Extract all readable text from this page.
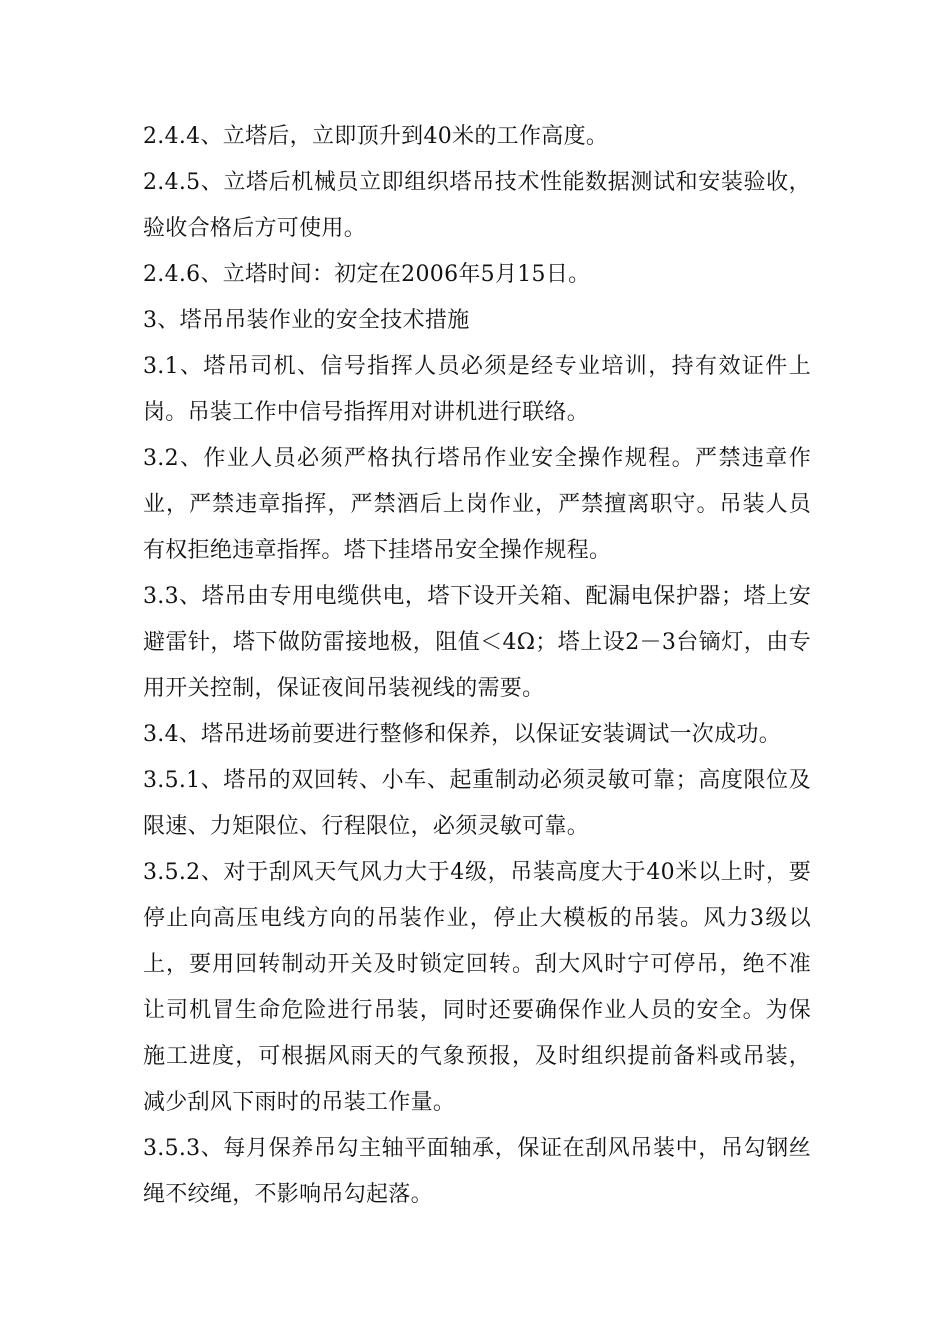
2.4.4、立塔后，立即顶升到40米的工作高度。

2.4.5、立塔后机械员立即组织塔吊技术性能数据测试和安装验收，验收合格后方可使用。

2.4.6、立塔时间：初定在2006年5月15日。

3、塔吊吊装作业的安全技术措施

3.1、塔吊司机、信号指挥人员必须是经专业培训，持有效证件上岗。吊装工作中信号指挥用对讲机进行联络。

3.2、作业人员必须严格执行塔吊作业安全操作规程。严禁违章作业，严禁违章指挥，严禁酒后上岗作业，严禁擅离职守。吊装人员有权拒绝违章指挥。塔下挂塔吊安全操作规程。

3.3、塔吊由专用电缆供电，塔下设开关箱、配漏电保护器；塔上安避雷针，塔下做防雷接地极，阻值＜4Ω；塔上设2－3台镝灯，由专用开关控制，保证夜间吊装视线的需要。

3.4、塔吊进场前要进行整修和保养，以保证安装调试一次成功。

3.5.1、塔吊的双回转、小车、起重制动必须灵敏可靠；高度限位及限速、力矩限位、行程限位，必须灵敏可靠。

3.5.2、对于刮风天气风力大于4级，吊装高度大于40米以上时，要停止向高压电线方向的吊装作业，停止大模板的吊装。风力3级以上，要用回转制动开关及时锁定回转。刮大风时宁可停吊，绝不准让司机冒生命危险进行吊装，同时还要确保作业人员的安全。为保施工进度，可根据风雨天的气象预报，及时组织提前备料或吊装，减少刮风下雨时的吊装工作量。

3.5.3、每月保养吊勾主轴平面轴承，保证在刮风吊装中，吊勾钢丝绳不绞绳，不影响吊勾起落。
